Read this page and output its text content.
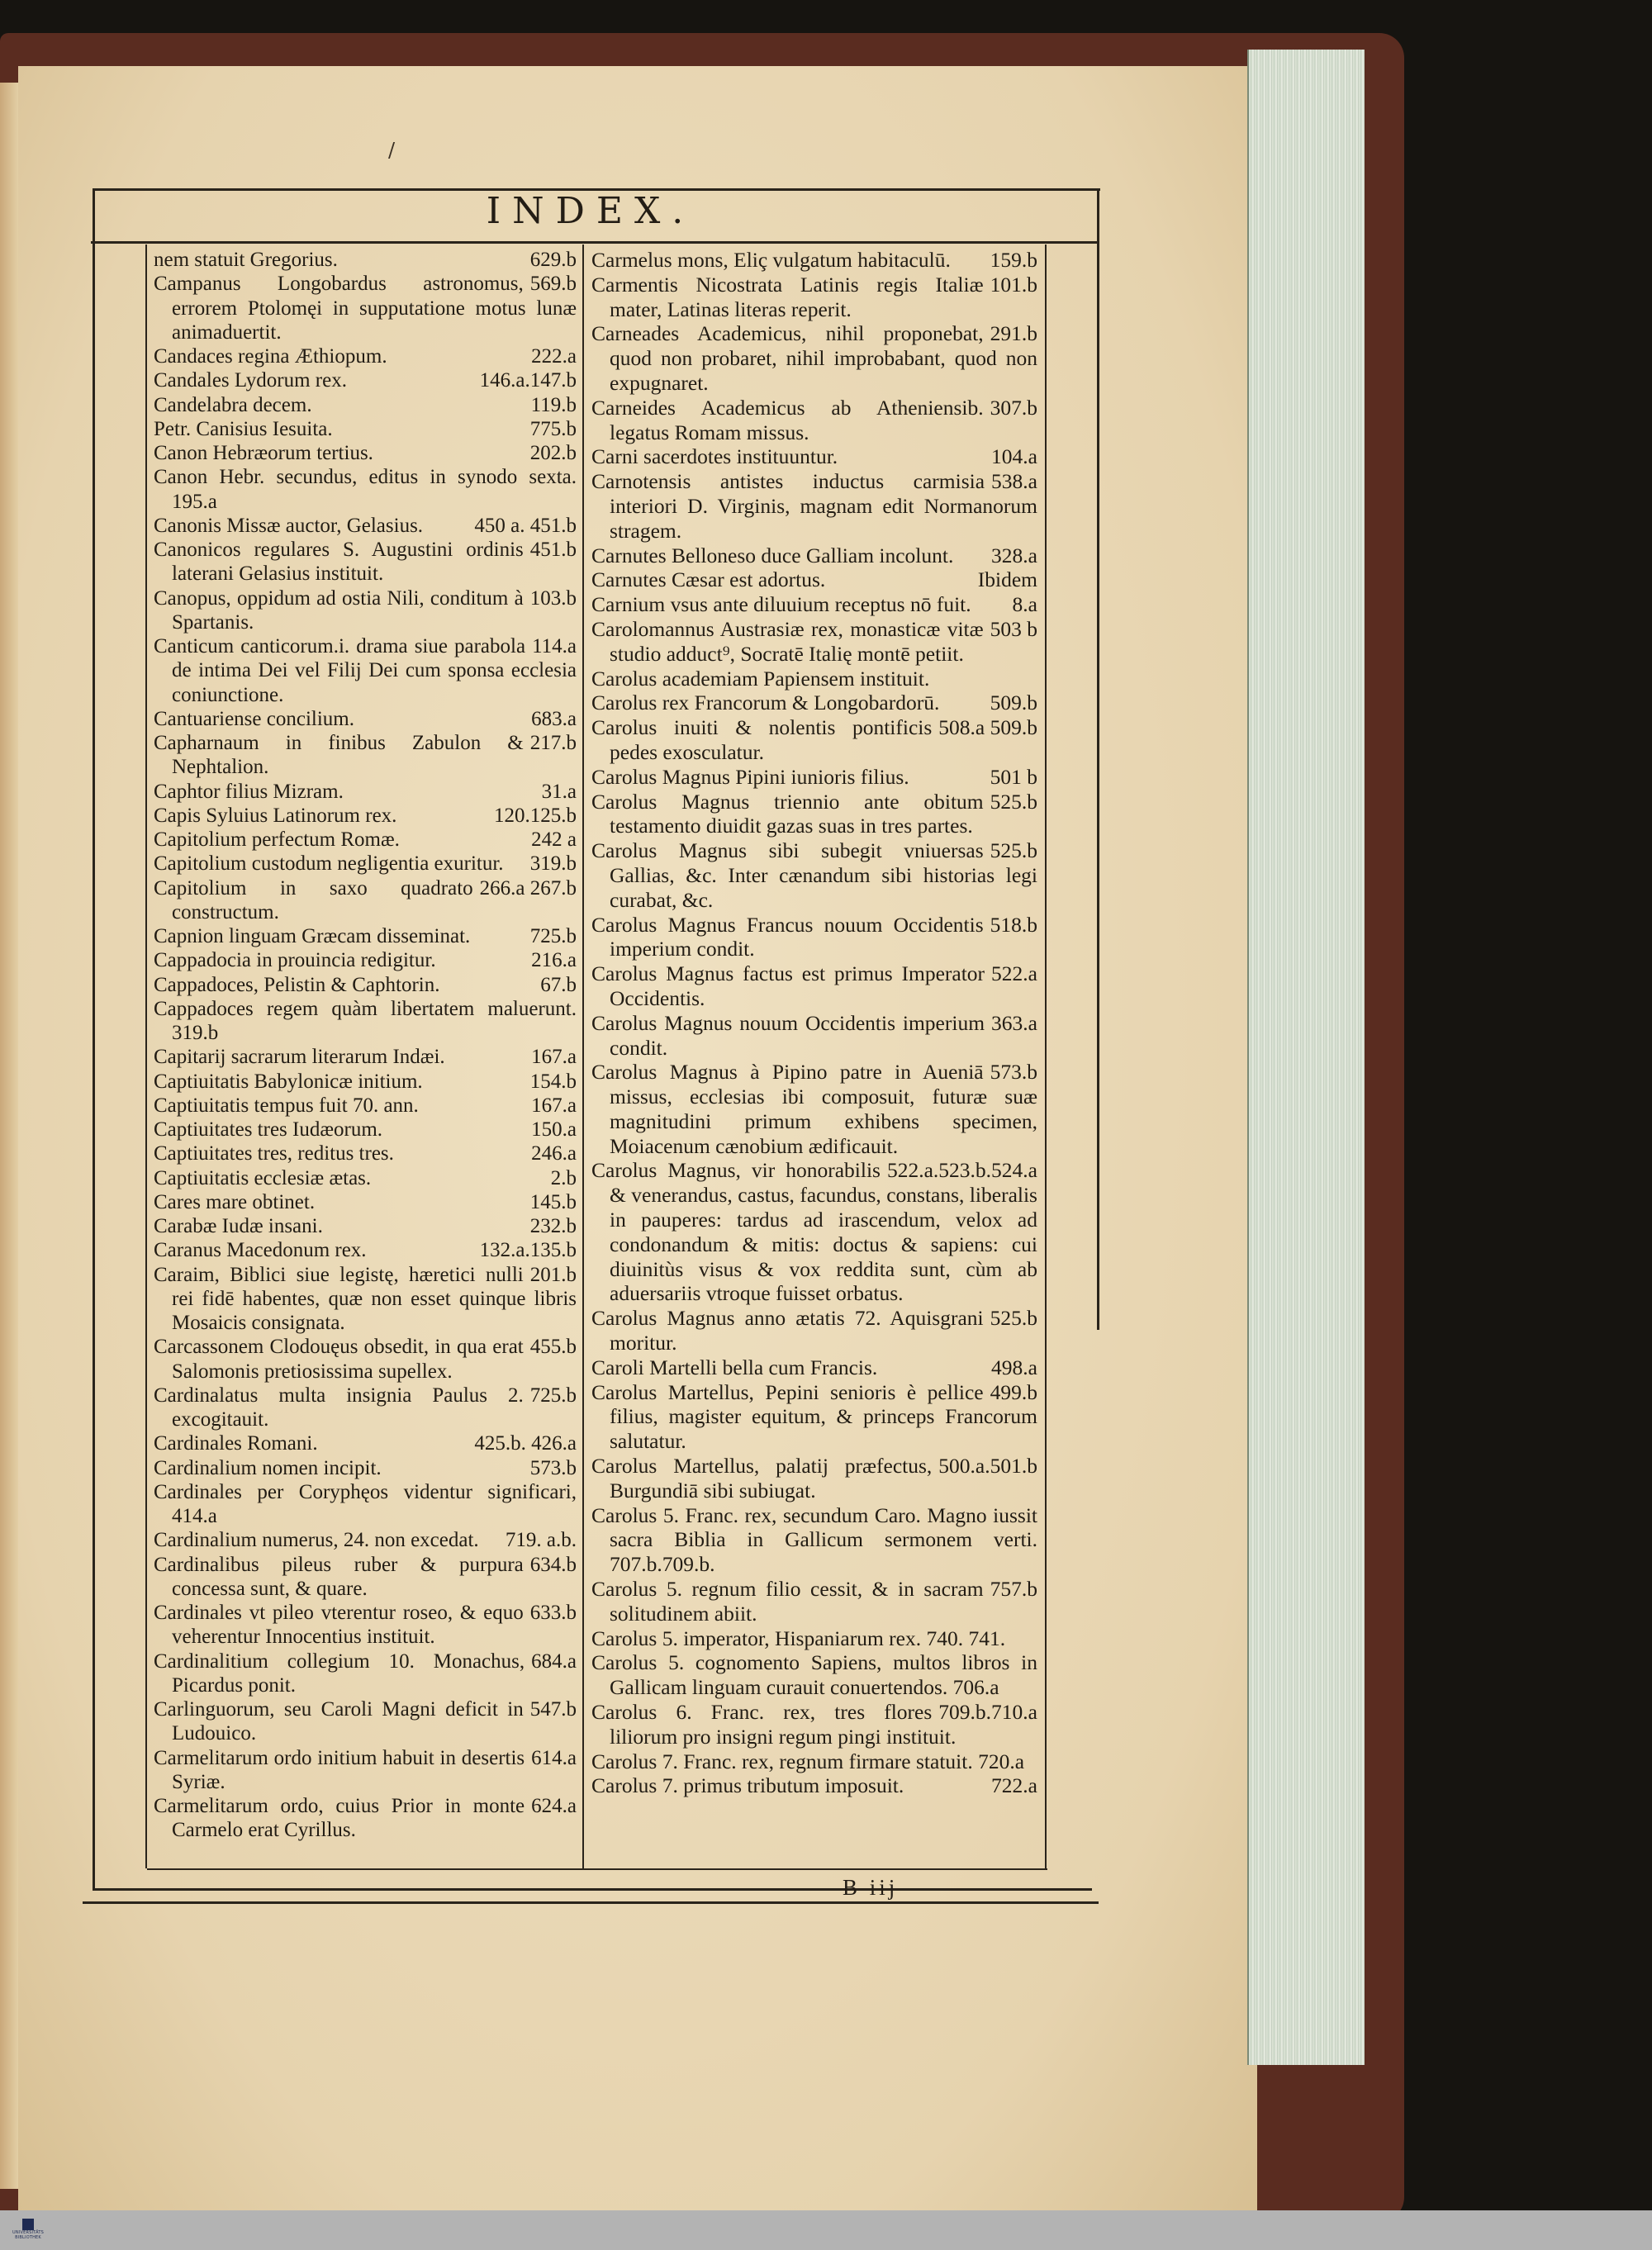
/
INDEX.
629.b
nem statuit Gregorius.
569.b
Campanus Longobardus astronomus, errorem Ptolomęi in supputatione motus lunæ animaduertit.
222.a
Candaces regina Æthiopum.
146.a.147.b
Candales Lydorum rex.
119.b
Candelabra decem.
775.b
Petr. Canisius Iesuita.
202.b
Canon Hebræorum tertius.
Canon Hebr. secundus, editus in synodo sexta. 195.a
450 a. 451.b
Canonis Missæ auctor, Gelasius.
451.b
Canonicos regulares S. Augustini ordinis laterani Gelasius instituit.
103.b
Canopus, oppidum ad ostia Nili, conditum à Spartanis.
114.a
Canticum canticorum.i. drama siue parabola de intima Dei vel Filij Dei cum sponsa ecclesia coniunctione.
683.a
Cantuariense concilium.
217.b
Capharnaum in finibus Zabulon & Nephtalion.
31.a
Caphtor filius Mizram.
120.125.b
Capis Syluius Latinorum rex.
242 a
Capitolium perfectum Romæ.
319.b
Capitolium custodum negligentia exuritur.
266.a 267.b
Capitolium in saxo quadrato constructum.
725.b
Capnion linguam Græcam disseminat.
216.a
Cappadocia in prouincia redigitur.
67.b
Cappadoces, Pelistin & Caphtorin.
Cappadoces regem quàm libertatem maluerunt. 319.b
167.a
Capitarij sacrarum literarum Indæi.
154.b
Captiuitatis Babylonicæ initium.
167.a
Captiuitatis tempus fuit 70. ann.
150.a
Captiuitates tres Iudæorum.
246.a
Captiuitates tres, reditus tres.
2.b
Captiuitatis ecclesiæ ætas.
145.b
Cares mare obtinet.
232.b
Carabæ Iudæ insani.
132.a.135.b
Caranus Macedonum rex.
201.b
Caraim, Biblici siue legistę, hæretici nulli rei fidē habentes, quæ non esset quinque libris Mosaicis consignata.
455.b
Carcassonem Clodouęus obsedit, in qua erat Salomonis pretiosissima supellex.
725.b
Cardinalatus multa insignia Paulus 2. excogitauit.
425.b. 426.a
Cardinales Romani.
573.b
Cardinalium nomen incipit.
Cardinales per Coryphęos videntur significari, 414.a
719. a.b.
Cardinalium numerus, 24. non excedat.
634.b
Cardinalibus pileus ruber & purpura concessa sunt, & quare.
633.b
Cardinales vt pileo vterentur roseo, & equo veherentur Innocentius instituit.
684.a
Cardinalitium collegium 10. Monachus, Picardus ponit.
547.b
Carlinguorum, seu Caroli Magni deficit in Ludouico.
614.a
Carmelitarum ordo initium habuit in desertis Syriæ.
624.a
Carmelitarum ordo, cuius Prior in monte Carmelo erat Cyrillus.
159.b
Carmelus mons, Eliç vulgatum habitaculū.
101.b
Carmentis Nicostrata Latinis regis Italiæ mater, Latinas literas reperit.
291.b
Carneades Academicus, nihil proponebat, quod non probaret, nihil improbabant, quod non expugnaret.
307.b
Carneides Academicus ab Atheniensib. legatus Romam missus.
104.a
Carni sacerdotes instituuntur.
538.a
Carnotensis antistes inductus carmisia interiori D. Virginis, magnam edit Normanorum stragem.
328.a
Carnutes Bellonesо duce Galliam incolunt.
Ibidem
Carnutes Cæsar est adortus.
8.a
Carnium vsus ante diluuium receptus nō fuit.
503 b
Carolomannus Austrasiæ rex, monasticæ vitæ studio adduct⁹, Socratē Italię montē petiit.
Carolus academiam Papiensem instituit.
509.b
Carolus rex Francorum & Longobardorū.
508.a 509.b
Carolus inuiti & nolentis pontificis pedes exosculatur.
501 b
Carolus Magnus Pipini iunioris filius.
525.b
Carolus Magnus triennio ante obitum testamento diuidit gazas suas in tres partes.
525.b
Carolus Magnus sibi subegit vniuersas Gallias, &c. Inter cænandum sibi historias legi curabat, &c.
518.b
Carolus Magnus Francus nouum Occidentis imperium condit.
522.a
Carolus Magnus factus est primus Imperator Occidentis.
363.a
Carolus Magnus nouum Occidentis imperium condit.
573.b
Carolus Magnus à Pipino patre in Aueniā missus, ecclesias ibi composuit, futuræ suæ magnitudini primum exhibens specimen, Moiacenum cænobium ædificauit.
522.a.523.b.524.a
Carolus Magnus, vir honorabilis & venerandus, castus, facundus, constans, liberalis in pauperes: tardus ad irascendum, velox ad condonandum & mitis: doctus & sapiens: cui diuinitùs visus & vox reddita sunt, cùm ab aduersariis vtroque fuisset orbatus.
525.b
Carolus Magnus anno ætatis 72. Aquisgrani moritur.
498.a
Caroli Martelli bella cum Francis.
499.b
Carolus Martellus, Pepini senioris è pellice filius, magister equitum, & princeps Francorum salutatur.
500.a.501.b
Carolus Martellus, palatij præfectus, Burgundiā sibi subiugat.
Carolus 5. Franc. rex, secundum Caro. Magno iussit sacra Biblia in Gallicum sermonem verti. 707.b.709.b.
757.b
Carolus 5. regnum filio cessit, & in sacram solitudinem abiit.
Carolus 5. imperator, Hispaniarum rex. 740. 741.
Carolus 5. cognomento Sapiens, multos libros in Gallicam linguam curauit conuertendos. 706.a
709.b.710.a
Carolus 6. Franc. rex, tres flores liliorum pro insigni regum pingi instituit.
Carolus 7. Franc. rex, regnum firmare statuit. 720.a
722.a
Carolus 7. primus tributum imposuit.
B iij
UNIVERSITÄTS
BIBLIOTHEK
